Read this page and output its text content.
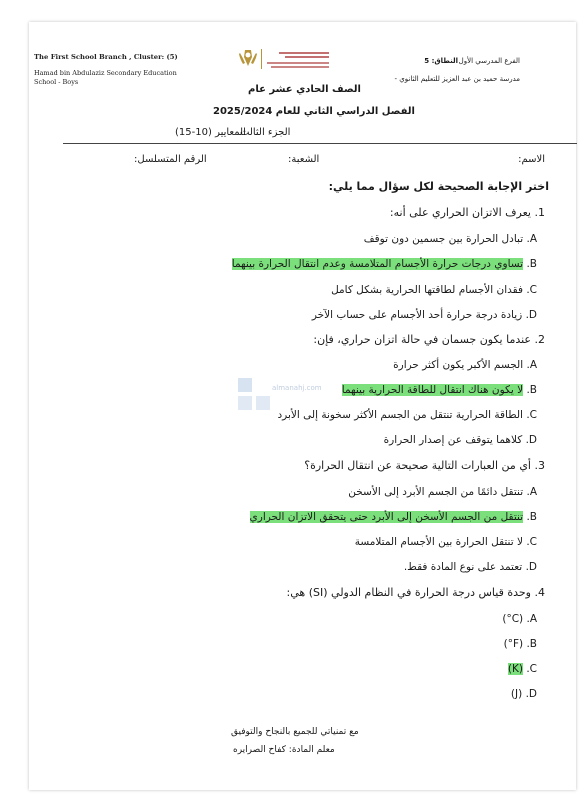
The First School Branch , Cluster: (5)
Hamad bin Abdulaziz Secondary Education
School - Boys
الفرع المدرسي الأول
النطاق: 5
مدرسة حميد بن عبد العزيز للتعليم الثانوي -
الصف الحادي عشر عام
الفصل الدراسي الثاني للعام 2025/2024
الجزء الثالث
المعايير (10-15)
الاسم:
الشعبة:
الرقم المتسلسل:
اختر الإجابة الصحيحة لكل سؤال مما يلي:
1. يعرف الاتزان الحراري على أنه:
A. تبادل الحرارة بين جسمين دون توقف
B. تساوي درجات حرارة الأجسام المتلامسة وعدم انتقال الحرارة بينهما
C. فقدان الأجسام لطاقتها الحرارية بشكل كامل
D. زيادة درجة حرارة أحد الأجسام على حساب الآخر
2. عندما يكون جسمان في حالة اتزان حراري، فإن:
A. الجسم الأكبر يكون أكثر حرارة
B. لا يكون هناك انتقال للطاقة الحرارية بينهما
C. الطاقة الحرارية تنتقل من الجسم الأكثر سخونة إلى الأبرد
D. كلاهما يتوقف عن إصدار الحرارة
almanahj.com
3. أي من العبارات التالية صحيحة عن انتقال الحرارة؟
A. تنتقل دائمًا من الجسم الأبرد إلى الأسخن
B. تنتقل من الجسم الأسخن إلى الأبرد حتى يتحقق الاتزان الحراري
C. لا تنتقل الحرارة بين الأجسام المتلامسة
D. تعتمد على نوع المادة فقط.
4. وحدة قياس درجة الحرارة في النظام الدولي (SI) هي:
A. (°C)
B. (°F)
C. (K)
D. (J)
مع تمنياتي للجميع بالنجاح والتوفيق
معلم المادة: كفاح الصرايره
